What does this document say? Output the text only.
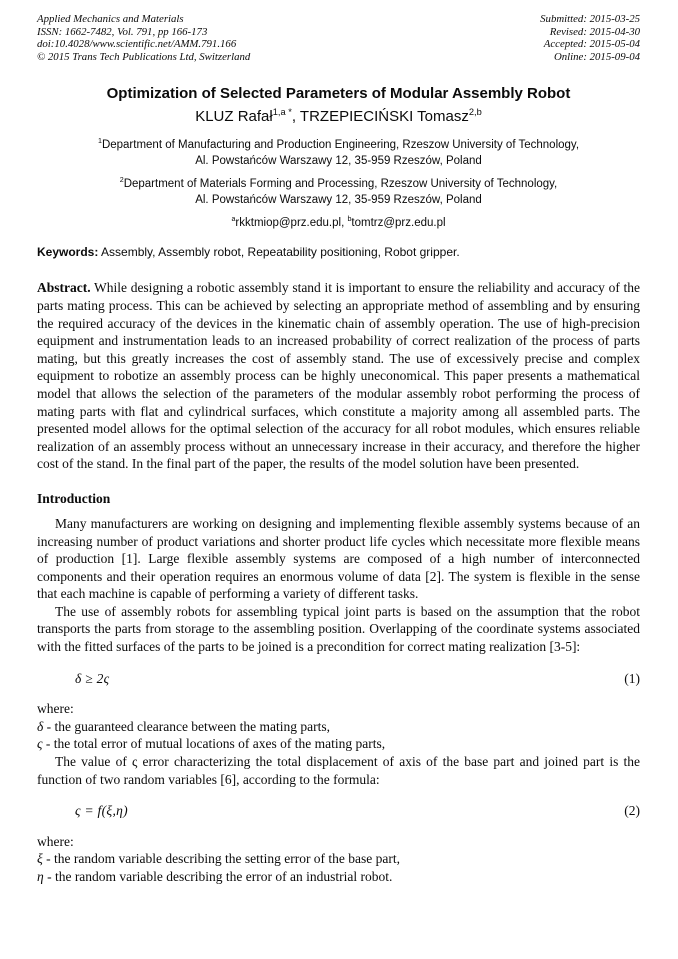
Applied Mechanics and Materials
ISSN: 1662-7482, Vol. 791, pp 166-173
doi:10.4028/www.scientific.net/AMM.791.166
© 2015 Trans Tech Publications Ltd, Switzerland
Submitted: 2015-03-25
Revised: 2015-04-30
Accepted: 2015-05-04
Online: 2015-09-04
Optimization of Selected Parameters of Modular Assembly Robot
KLUZ Rafał$^{1,a *}$, TRZEPIECIŃSKI Tomasz$^{2,b}$
$^1$Department of Manufacturing and Production Engineering, Rzeszow University of Technology,
Al. Powstańców Warszawy 12, 35-959 Rzeszów, Poland
$^2$Department of Materials Forming and Processing, Rzeszow University of Technology,
Al. Powstańców Warszawy 12, 35-959 Rzeszów, Poland
$^a$rkktmiop@prz.edu.pl, $^b$tomtrz@prz.edu.pl
Keywords: Assembly, Assembly robot, Repeatability positioning, Robot gripper.
Abstract. While designing a robotic assembly stand it is important to ensure the reliability and accuracy of the parts mating process. This can be achieved by selecting an appropriate method of assembling and by ensuring the required accuracy of the devices in the kinematic chain of assembly operation. The use of high-precision equipment and instrumentation leads to an increased probability of correct realization of the process of parts mating, but this greatly increases the cost of assembly stand. The use of excessively precise and complex equipment to robotize an assembly process can be highly uneconomical. This paper presents a mathematical model that allows the selection of the parameters of the modular assembly robot performing the process of mating parts with flat and cylindrical surfaces, which constitute a majority among all assembled parts. The presented model allows for the optimal selection of the accuracy for all robot modules, which ensures reliable realization of an assembly process without an unnecessary increase in their accuracy, and therefore the higher cost of the stand. In the final part of the paper, the results of the model solution have been presented.
Introduction

Many manufacturers are working on designing and implementing flexible assembly systems because of an increasing number of product variations and shorter product life cycles which necessitate more flexible means of production [1]. Large flexible assembly systems are composed of a high number of interconnected components and their operation requires an enormous volume of data [2]. The system is flexible in the sense that each machine is capable of performing a variety of different tasks.

The use of assembly robots for assembling typical joint parts is based on the assumption that the robot transports the parts from storage to the assembling position. Overlapping of the coordinate systems associated with the fitted surfaces of the parts to be joined is a precondition for correct mating realization [3-5]:

δ ≥ 2ς	(1)
where:
δ - the guaranteed clearance between the mating parts,
ς - the total error of mutual locations of axes of the mating parts,

The value of ς error characterizing the total displacement of axis of the base part and joined part is the function of two random variables [6], according to the formula:

ς = f(ξ,η)	(2)
where:
ξ - the random variable describing the setting error of the base part,
η - the random variable describing the error of an industrial robot.
